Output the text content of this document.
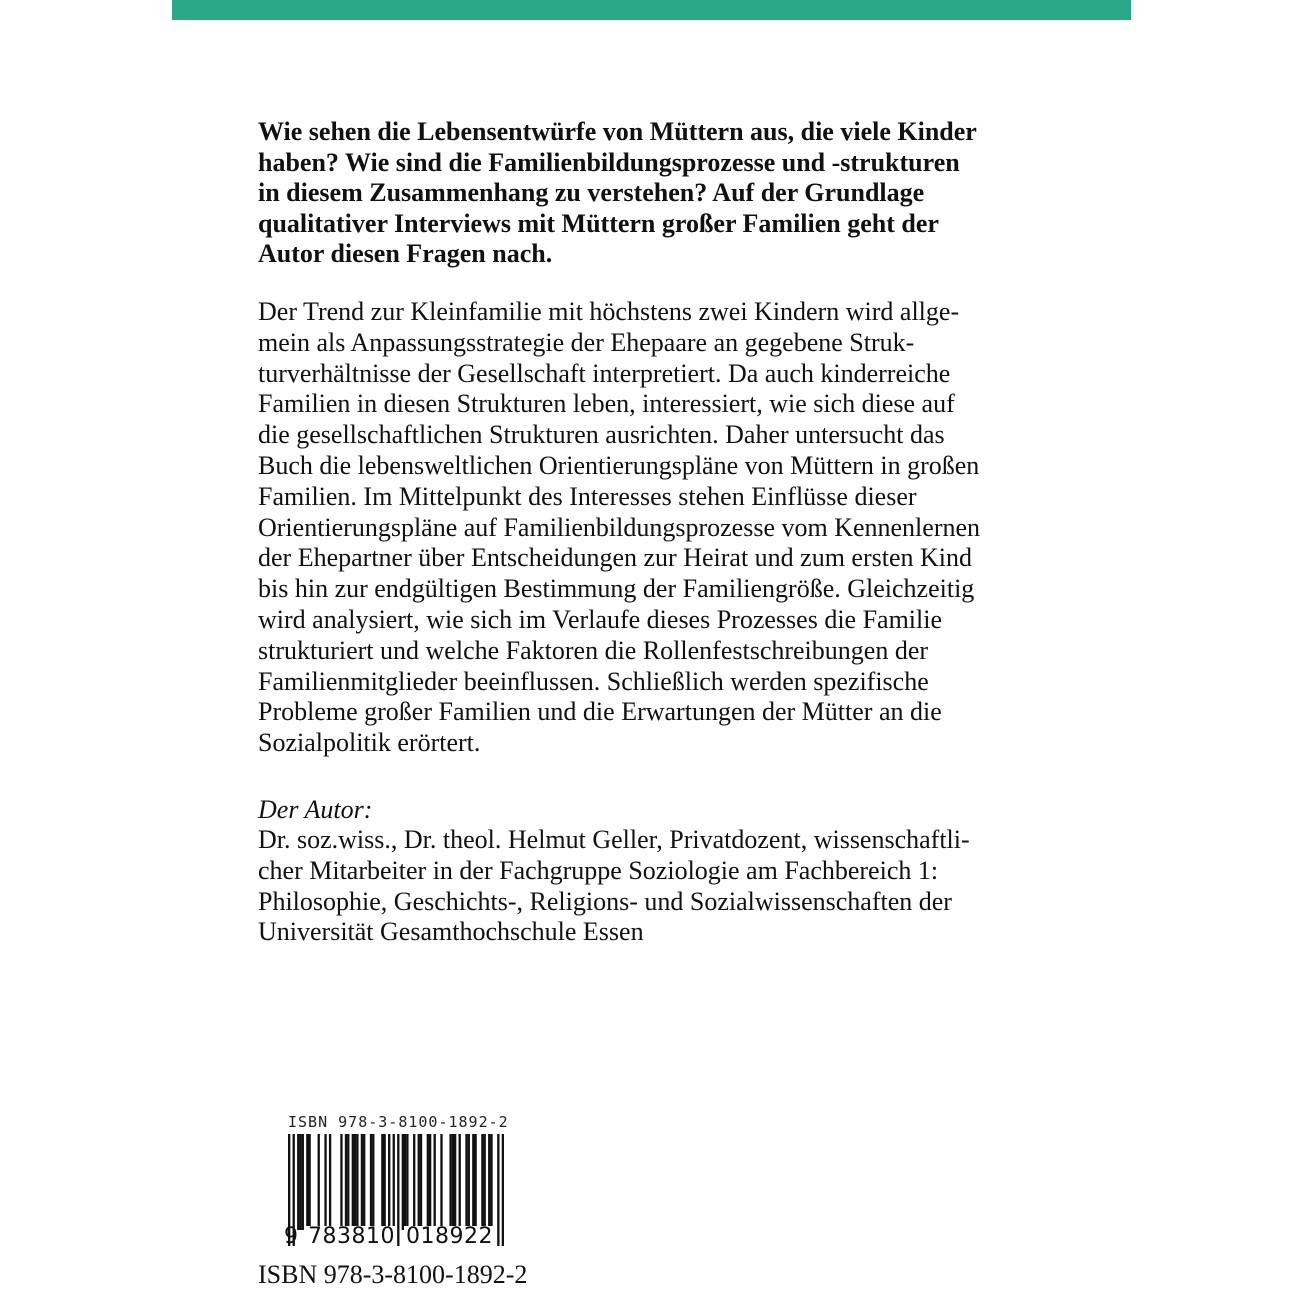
Wie sehen die Lebensentwürfe von Müttern aus, die viele Kinder
haben? Wie sind die Familienbildungsprozesse und -strukturen
in diesem Zusammenhang zu verstehen? Auf der Grundlage
qualitativer Interviews mit Müttern großer Familien geht der
Autor diesen Fragen nach.

Der Trend zur Kleinfamilie mit höchstens zwei Kindern wird allge-
mein als Anpassungsstrategie der Ehepaare an gegebene Struk-
turverhältnisse der Gesellschaft interpretiert. Da auch kinderreiche
Familien in diesen Strukturen leben, interessiert, wie sich diese auf
die gesellschaftlichen Strukturen ausrichten. Daher untersucht das
Buch die lebensweltlichen Orientierungspläne von Müttern in großen
Familien. Im Mittelpunkt des Interesses stehen Einflüsse dieser
Orientierungspläne auf Familienbildungsprozesse vom Kennenlernen
der Ehepartner über Entscheidungen zur Heirat und zum ersten Kind
bis hin zur endgültigen Bestimmung der Familiengröße. Gleichzeitig
wird analysiert, wie sich im Verlaufe dieses Prozesses die Familie
strukturiert und welche Faktoren die Rollenfestschreibungen der
Familienmitglieder beeinflussen. Schließlich werden spezifische
Probleme großer Familien und die Erwartungen der Mütter an die
Sozialpolitik erörtert.

Der Autor:

Dr. soz.wiss., Dr. theol. Helmut Geller, Privatdozent, wissenschaftli-
cher Mitarbeiter in der Fachgruppe Soziologie am Fachbereich 1:
Philosophie, Geschichts-, Religions- und Sozialwissenschaften der
Universität Gesamthochschule Essen

ISBN 978-3-8100-1892-2
9 783810 018922
ISBN 978-3-8100-1892-2
